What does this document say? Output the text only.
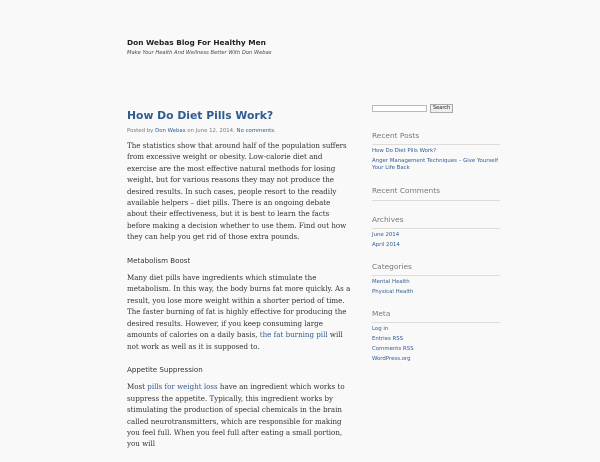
Don Webas Blog For Healthy Men
Make Your Health And Wellness Better With Don Webas
How Do Diet Pills Work?
Posted by Don Webas on June 12, 2014. No comments.

The statistics show that around half of the population suffers from excessive weight or obesity. Low-calorie diet and exercise are the most effective natural methods for losing weight, but for various reasons they may not produce the desired results. In such cases, people resort to the readily available helpers – diet pills. There is an ongoing debate about their effectiveness, but it is best to learn the facts before making a decision whether to use them. Find out how they can help you get rid of those extra pounds.

Metabolism Boost

Many diet pills have ingredients which stimulate the metabolism. In this way, the body burns fat more quickly. As a result, you lose more weight within a shorter period of time. The faster burning of fat is highly effective for producing the desired results. However, if you keep consuming large amounts of calories on a daily basis, the fat burning pill will not work as well as it is supposed to.

Appetite Suppression

Most pills for weight loss have an ingredient which works to suppress the appetite. Typically, this ingredient works by stimulating the production of special chemicals in the brain called neurotransmitters, which are responsible for making you feel full. When you feel full after eating a small portion, you will

Search
Recent Posts
How Do Diet Pills Work?
Anger Management Techniques – Give Yourself Your Life Back
Recent Comments
Archives
June 2014
April 2014
Categories
Mental Health
Physical Health
Meta
Log in
Entries RSS
Comments RSS
WordPress.org
